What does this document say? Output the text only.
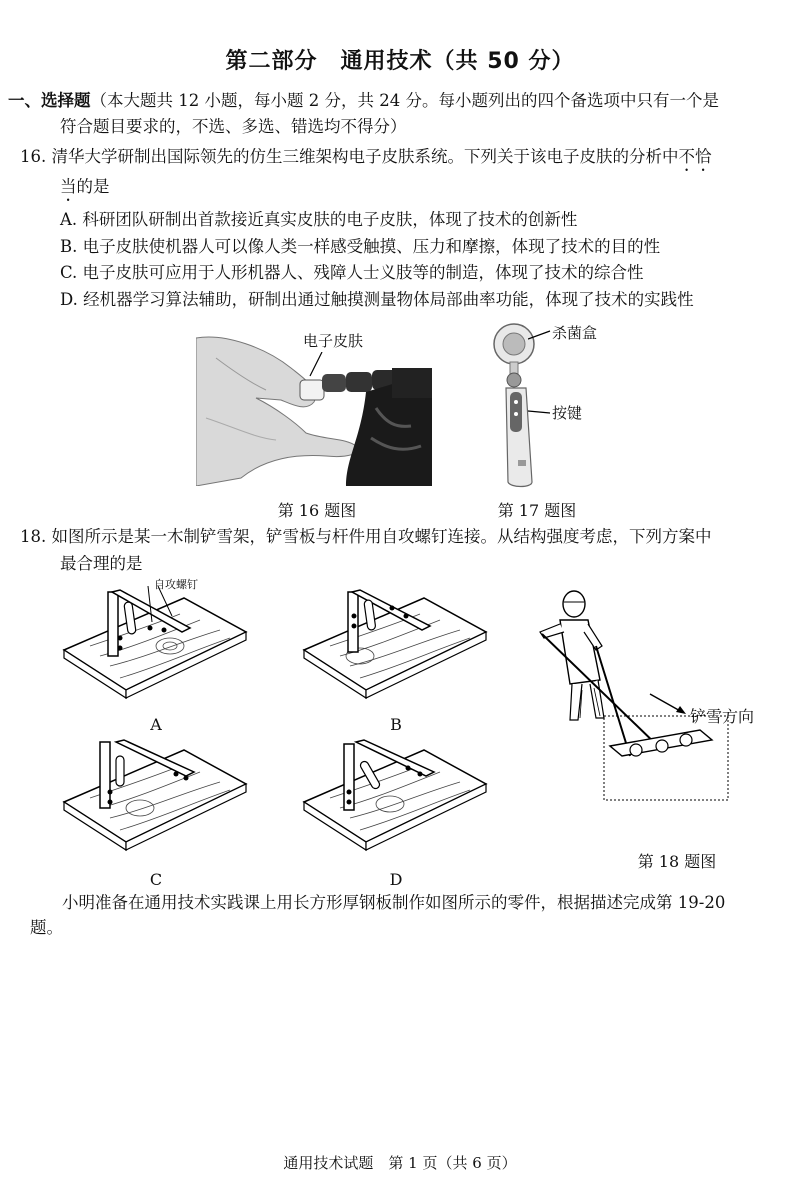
第二部分　通用技术（共 50 分）
一、选择题（本大题共 12 小题，每小题 2 分，共 24 分。每小题列出的四个备选项中只有一个是
符合题目要求的，不选、多选、错选均不得分）
16. 清华大学研制出国际领先的仿生三维架构电子皮肤系统。下列关于该电子皮肤的分析中不恰
当的是
A. 科研团队研制出首款接近真实皮肤的电子皮肤，体现了技术的创新性
B. 电子皮肤使机器人可以像人类一样感受触摸、压力和摩擦，体现了技术的目的性
C. 电子皮肤可应用于人形机器人、残障人士义肢等的制造，体现了技术的综合性
D. 经机器学习算法辅助，研制出通过触摸测量物体局部曲率功能，体现了技术的实践性
电子皮肤
第 16 题图
杀菌盒
按键
第 17 题图
18. 如图所示是某一木制铲雪架，铲雪板与杆件用自攻螺钉连接。从结构强度考虑，下列方案中
最合理的是
自攻螺钉
A	B
C	D
铲雪方向
第 18 题图
小明准备在通用技术实践课上用长方形厚钢板制作如图所示的零件，根据描述完成第 19-20
题。
通用技术试题　第 1 页（共 6 页）
